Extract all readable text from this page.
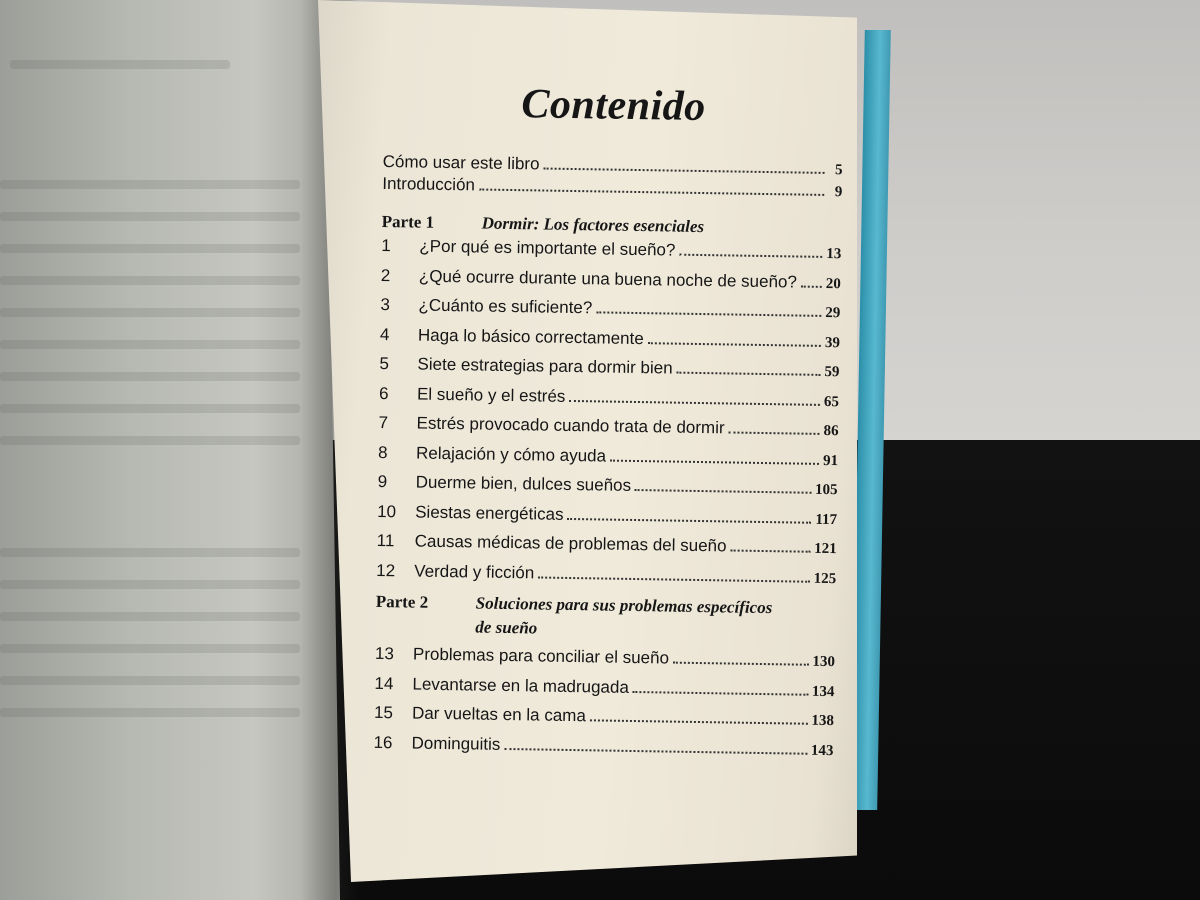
Contenido
Cómo usar este libro	5
Introducción	9
Parte 1	Dormir: Los factores esenciales
1	¿Por qué es importante el sueño?	13
2	¿Qué ocurre durante una buena noche de sueño? 20
3	¿Cuánto es suficiente?	29
4	Haga lo básico correctamente	39
5	Siete estrategias para dormir bien	59
6	El sueño y el estrés	65
7	Estrés provocado cuando trata de dormir	86
8	Relajación y cómo ayuda	91
9	Duerme bien, dulces sueños	105
10	Siestas energéticas	117
11	Causas médicas de problemas del sueño	121
12	Verdad y ficción	125
Parte 2	Soluciones para sus problemas específicos
de sueño
13	Problemas para conciliar el sueño	130
14	Levantarse en la madrugada	134
15	Dar vueltas en la cama	138
16	Dominguitis	143
